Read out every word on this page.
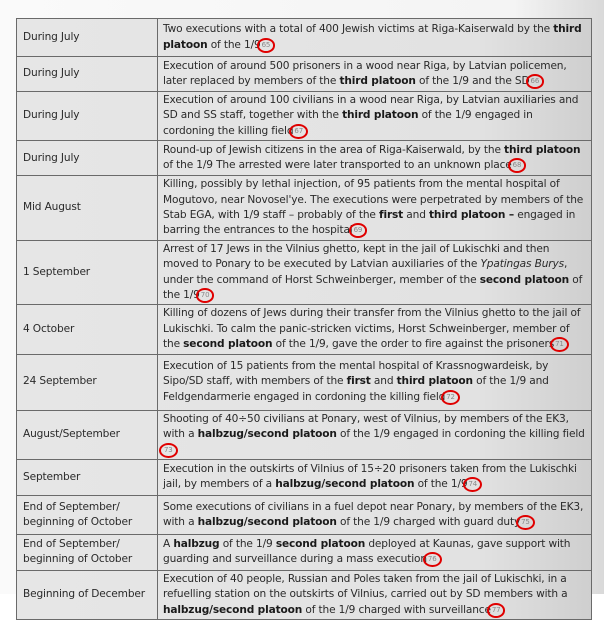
During July	Two executions with a total of 400 Jewish victims at Riga-Kaiserwald by the third platoon of the 1/965
During July	Execution of around 500 prisoners in a wood near Riga, by Latvian policemen, later replaced by members of the third platoon of the 1/9 and the SD66
During July	Execution of around 100 civilians in a wood near Riga, by Latvian auxiliaries and SD and SS staff, together with the third platoon of the 1/9 engaged in cordoning the killing field67
During July	Round-up of Jewish citizens in the area of Riga-Kaiserwald, by the third platoon of the 1/9 The arrested were later transported to an unknown place68
Mid August	Killing, possibly by lethal injection, of 95 patients from the mental hospital of Mogutovo, near Novosel'ye. The executions were perpetrated by members of the Stab EGA, with 1/9 staff – probably of the first and third platoon – engaged in barring the entrances to the hospital69
1 September	Arrest of 17 Jews in the Vilnius ghetto, kept in the jail of Lukischki and then moved to Ponary to be executed by Latvian auxiliaries of the Ypatingas Burys, under the command of Horst Schweinberger, member of the second platoon of the 1/970
4 October	Killing of dozens of Jews during their transfer from the Vilnius ghetto to the jail of Lukischki. To calm the panic-stricken victims, Horst Schweinberger, member of the second platoon of the 1/9, gave the order to fire against the prisoners71
24 September	Execution of 15 patients from the mental hospital of Krassnogwardeisk, by Sipo/SD staff, with members of the first and third platoon of the 1/9 and Feldgendarmerie engaged in cordoning the killing field72
August/September	Shooting of 40÷50 civilians at Ponary, west of Vilnius, by members of the EK3, with a halbzug/second platoon of the 1/9 engaged in cordoning the killing field73
September	Execution in the outskirts of Vilnius of 15÷20 prisoners taken from the Lukischki jail, by members of a halbzug/second platoon of the 1/974
End of September/ beginning of October	Some executions of civilians in a fuel depot near Ponary, by members of the EK3, with a halbzug/second platoon of the 1/9 charged with guard duty75
End of September/ beginning of October	A halbzug of the 1/9 second platoon deployed at Kaunas, gave support with guarding and surveillance during a mass execution76
Beginning of December	Execution of 40 people, Russian and Poles taken from the jail of Lukischki, in a refuelling station on the outskirts of Vilnius, carried out by SD members with a halbzug/second platoon of the 1/9 charged with surveillance77
